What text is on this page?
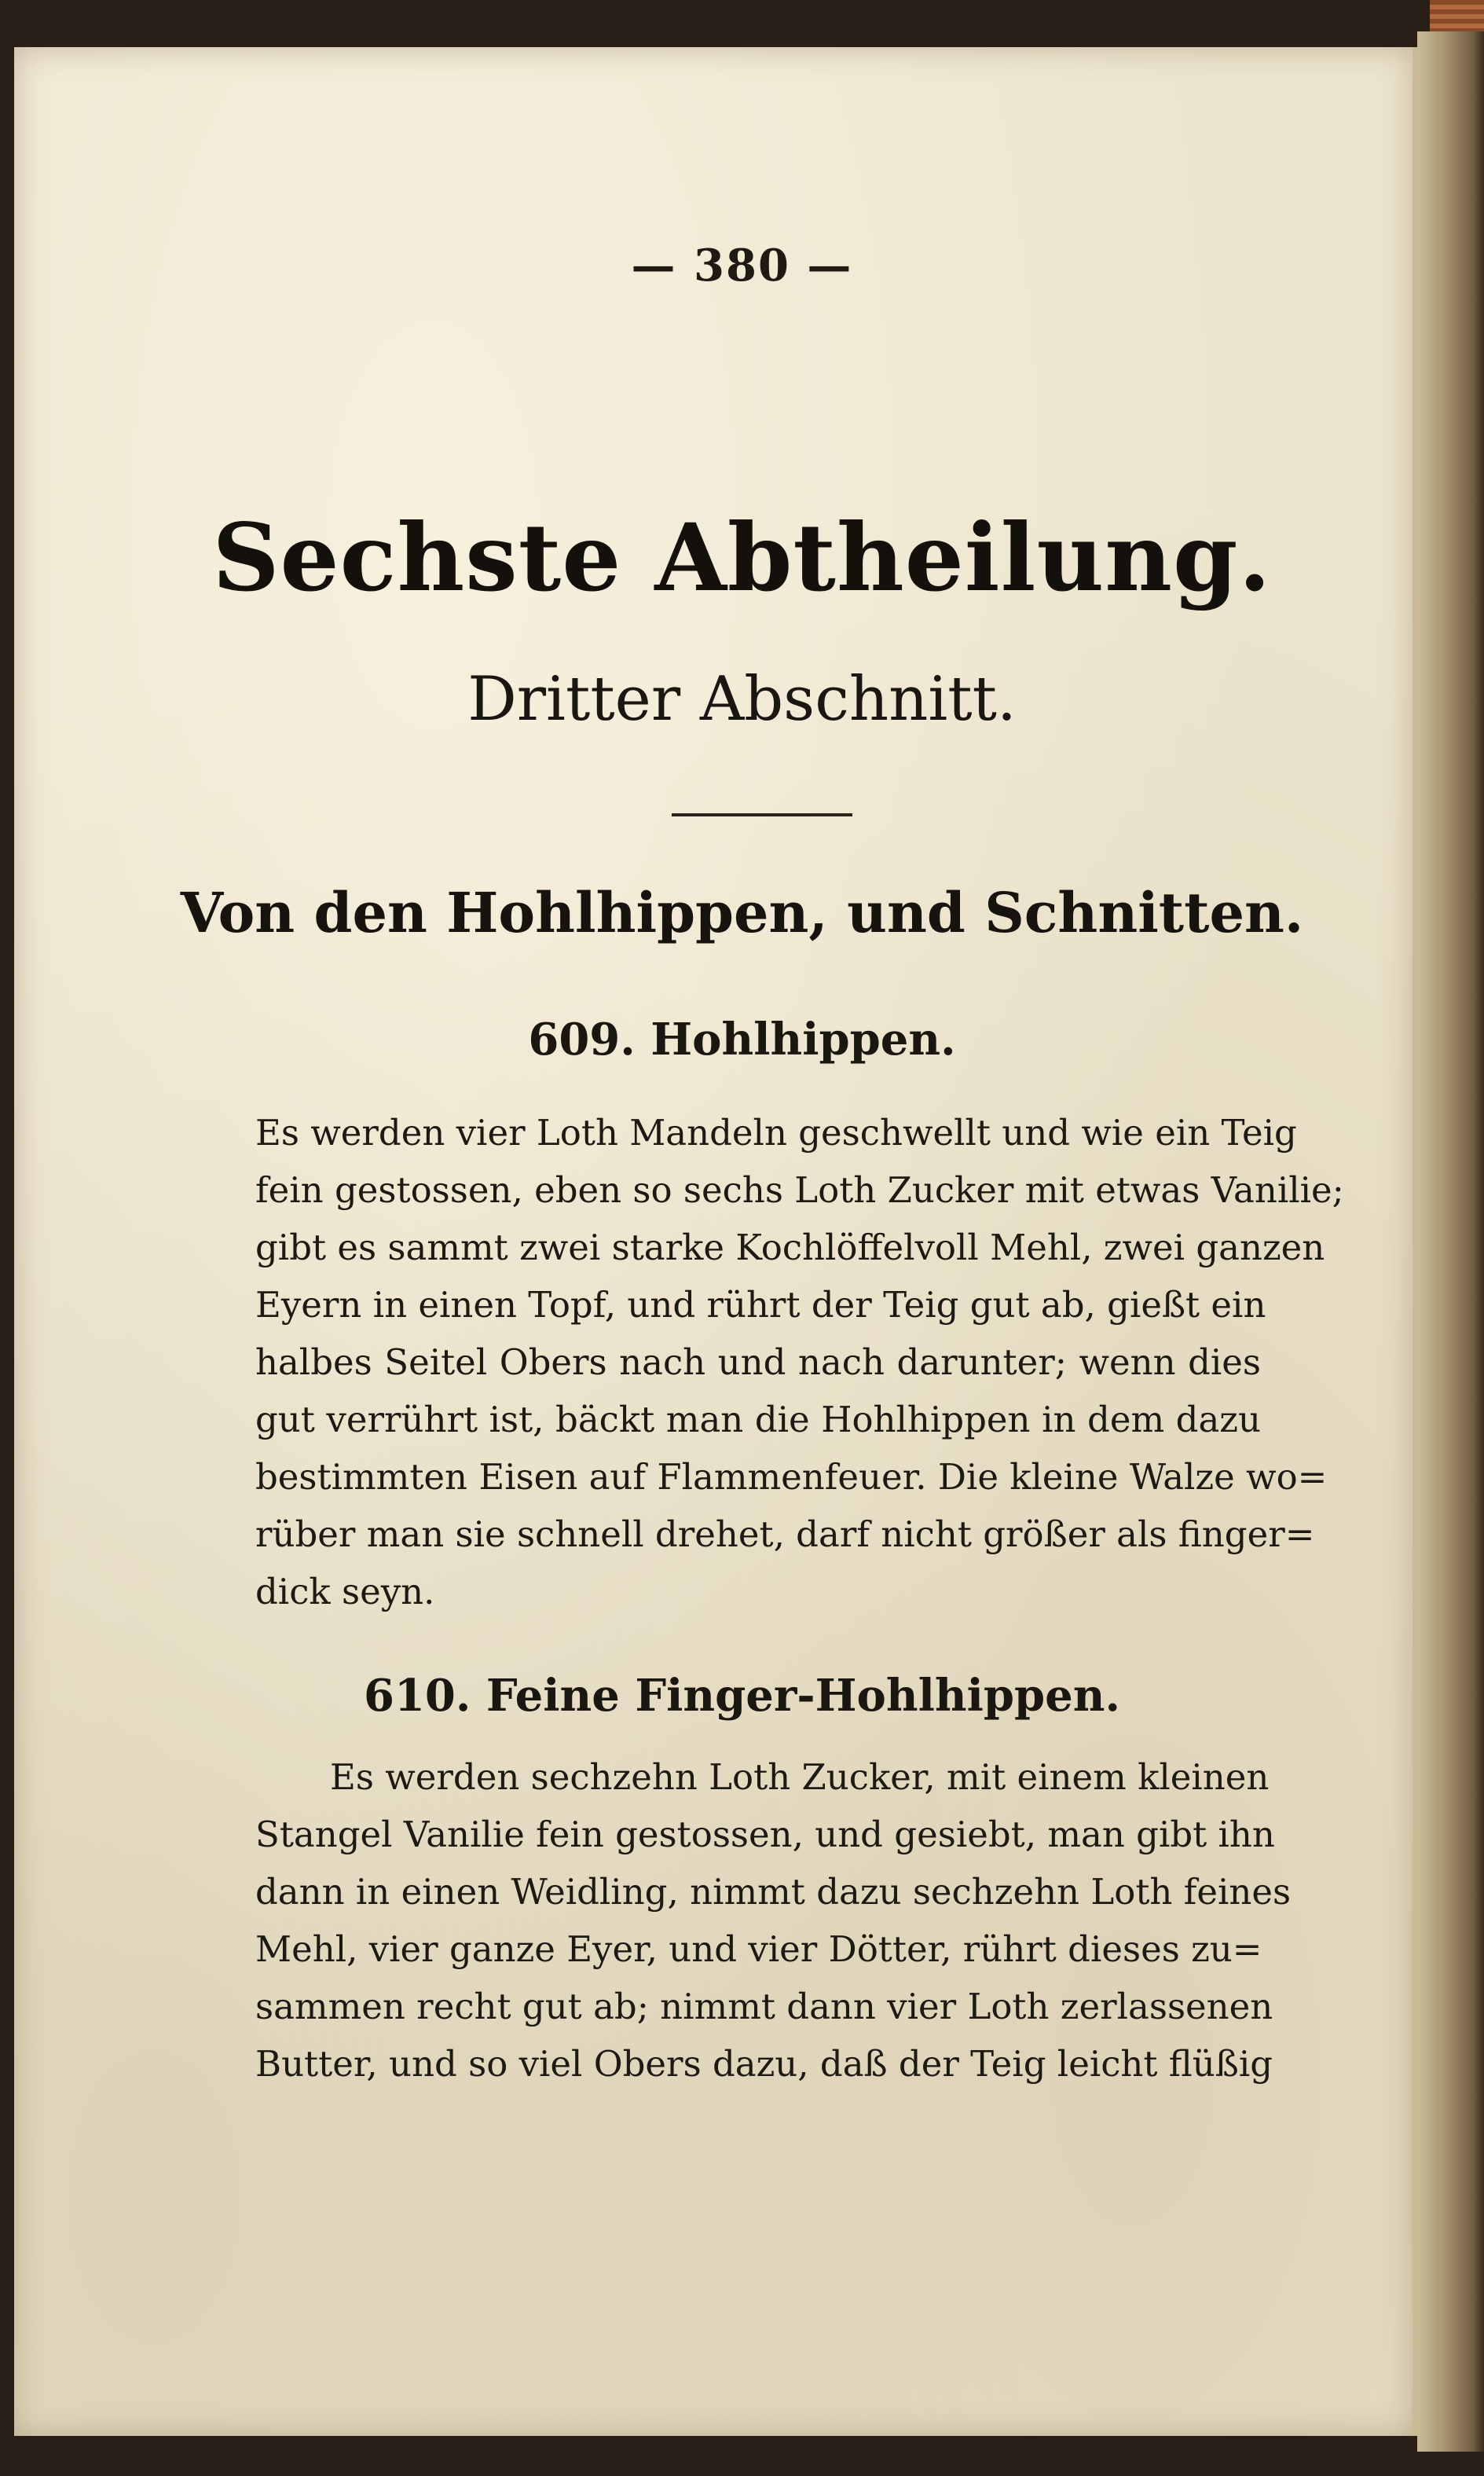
— 380 —
Sechste Abtheilung.
Dritter Abschnitt.
Von den Hohlhippen, und Schnitten.
609. Hohlhippen.
Es werden vier Loth Mandeln geschwellt und wie ein Teig
fein gestossen, eben so sechs Loth Zucker mit etwas Vanilie;
gibt es sammt zwei starke Kochlöffelvoll Mehl, zwei ganzen
Eyern in einen Topf, und rührt der Teig gut ab, gießt ein
halbes Seitel Obers nach und nach darunter; wenn dies
gut verrührt ist, bäckt man die Hohlhippen in dem dazu
bestimmten Eisen auf Flammenfeuer. Die kleine Walze wo=
rüber man sie schnell drehet, darf nicht größer als finger=
dick seyn.
610. Feine Finger-Hohlhippen.
Es werden sechzehn Loth Zucker, mit einem kleinen
Stangel Vanilie fein gestossen, und gesiebt, man gibt ihn
dann in einen Weidling, nimmt dazu sechzehn Loth feines
Mehl, vier ganze Eyer, und vier Dötter, rührt dieses zu=
sammen recht gut ab; nimmt dann vier Loth zerlassenen
Butter, und so viel Obers dazu, daß der Teig leicht flüßig
